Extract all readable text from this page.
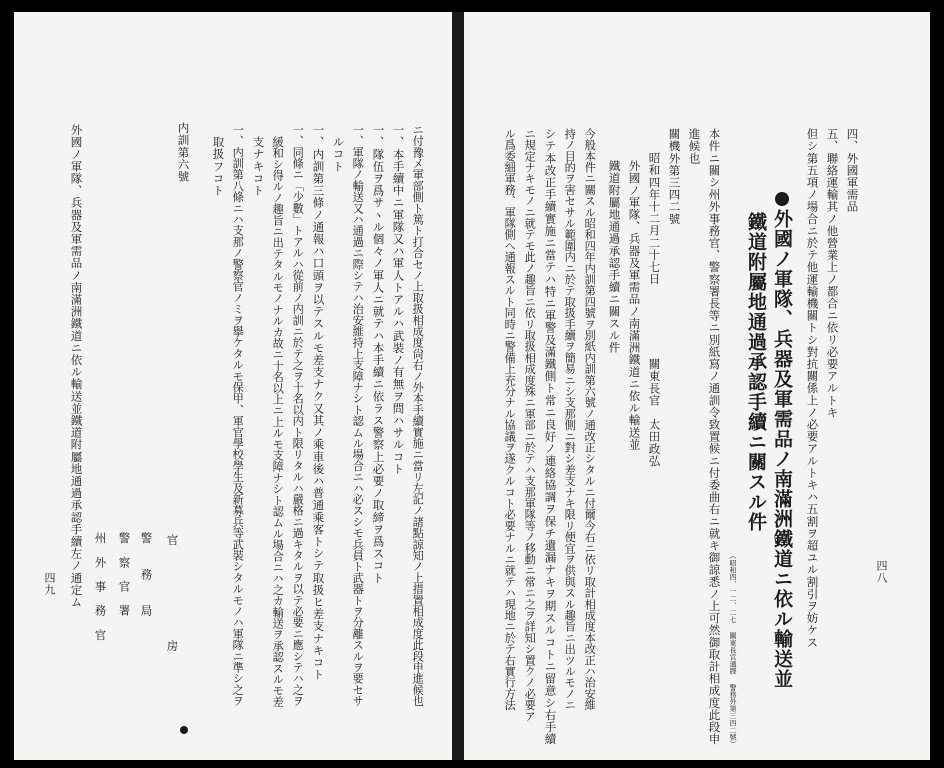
四九 外國ノ軍隊、兵器及軍需品ノ南滿洲鐵道ニ依ル輸送並鐵道附屬地通過承認手續左ノ通定ム	官
房
警　　務　　局
警　察　官　署
州　外　事　務　官
内訓第六號	ニ付豫メ軍部側ト篤ト打合セノ上取扱相成度尙右ノ外本手續實施ニ當リ左記ノ諸點諒知ノ上措置相成度此段申進候也
一、本手續中ニ軍隊又ハ軍人トアルハ武裝ノ有無ヲ問ハサルコト
一、隊伍ヲ爲サヽル個々ノ軍人ニ就テハ本手續ニ依ラス警察上必要ノ取締ヲ爲スコト
一、軍隊ノ輸送又ハ通過ニ際シテハ治安維持上支障ナシト認ムル場合ニハ必スシモ兵員ト武器トヲ分離スルヲ要セサ
ルコト
一、内訓第三條ノ通報ハ口頭ヲ以テスルモ差支ナク又其ノ乘車後ハ普通乘客トシテ取扱ヒ差支ナキコト
一、同條ニ「少數」トアルハ從前ノ内訓ニ於テ之ヲ十名以内ト限リタルハ嚴格ニ過キタルヲ以テ必要ニ應シテハ之ヲ
緩和シ得ルノ趣旨ニ出テタルモノナルカ故ニ十名以上ニ上ルモ支障ナシト認ムル場合ニハ之カ輸送ヲ承認スルモ差
支ナキコト
一、内訓第八條ニハ支那ノ警察官ノミヲ擧ケタルモ保甲、軍官學校學生及新募兵等武裝シタルモノハ軍隊ニ準シ之ヲ
取扱フコト
四八
四、外國軍需品
五、聯絡運輸其ノ他營業上ノ都合ニ依リ必要アルトキ
但シ第五項ノ場合ニ於テ他運輸機關トシ對抗關係上ノ必要アルトキハ五割ヲ超ユル割引ヲ妨ケス
外國ノ軍隊、兵器及軍需品ノ南滿洲鐵道ニ依ル輸送並
鐵道附屬地通過承認手續ニ關スル件
（昭和四、一二、二七 關東長官通牒 警務外第三四二號）
本件ニ關シ州外事務官、警察署長等ニ別紙寫ノ通訓令致置候ニ付委曲右ニ就キ御諒悉ノ上可然御取計相成度此段申
進候也
關機外第三四二號
昭和四年十二月二十七日
關東長官　太田政弘
外國ノ軍隊、兵器及軍需品ノ南滿洲鐵道ニ依ル輸送並
鐵道附屬地通過承認手續ニ關スル件
今般本件ニ關スル昭和四年内訓第四號ヲ別紙内訓第六號ノ通改正シタルニ付爾今右ニ依リ取計相成度本改正ハ治安維
持ノ目的ヲ害セサル範圍内ニ於テ取扱手續ヲ簡易ニシ支那側ニ對シ差支ナキ限リ便宜ヲ供與スル趣旨ニ出ツルモノニ
シテ本改正手續實施ニ當テハ特ニ軍警及滿鐵側ト常ニ良好ノ連絡協調ヲ保チ遺漏ナキヲ期スルコトニ留意シ右手續
ニ規定ナキモノニ就テモ此ノ趣旨ニ依リ取扱相成度殊ニ軍部ニ於テハ支那軍隊等ノ移動ニ常ニ之ヲ詳知シ置クノ必要ア
ル爲委細軍務、軍隊側ヘ通報スルト同時ニ警備上充分ナル協議ヲ遂クルコト必要ナルニ就テハ現地ニ於テ右實行方法
